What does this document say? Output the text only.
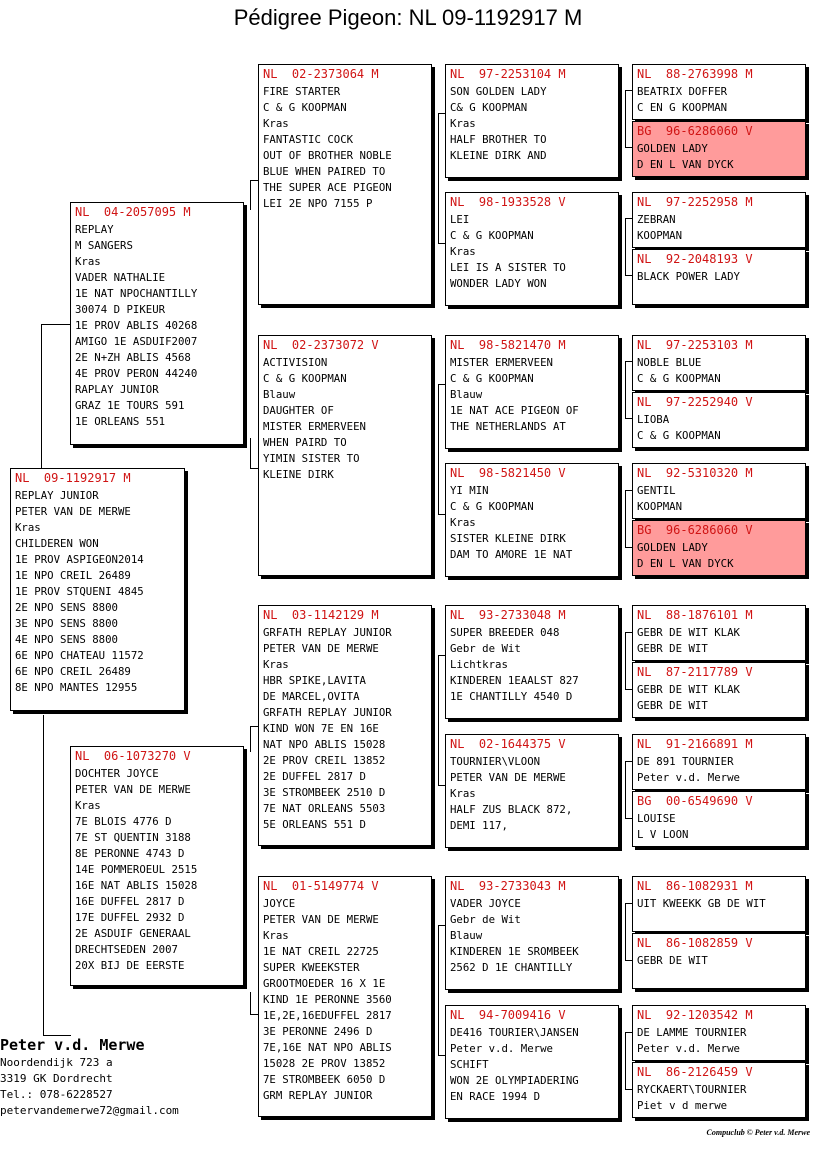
Pédigree Pigeon: NL 09-1192917 M
NL  09-1192917 M
REPLAY JUNIOR
PETER VAN DE MERWE
Kras
CHILDEREN WON
1E PROV ASPIGEON2014
1E NPO CREIL 26489
1E PROV STQUENI 4845
2E NPO SENS 8800
3E NPO SENS 8800
4E NPO SENS 8800
6E NPO CHATEAU 11572
6E NPO CREIL 26489
8E NPO MANTES 12955
NL  04-2057095 M
REPLAY
M SANGERS
Kras
VADER NATHALIE
1E NAT NPOCHANTILLY
30074 D PIKEUR
1E PROV ABLIS 40268
AMIGO 1E ASDUIF2007
2E N+ZH ABLIS 4568
4E PROV PERON 44240
RAPLAY JUNIOR
GRAZ 1E TOURS 591
1E ORLEANS 551
NL  06-1073270 V
DOCHTER JOYCE
PETER VAN DE MERWE
Kras
7E BLOIS 4776 D
7E ST QUENTIN 3188
8E PERONNE 4743 D
14E POMMEROEUL 2515
16E NAT ABLIS 15028
16E DUFFEL 2817 D
17E DUFFEL 2932 D
2E ASDUIF GENERAAL
DRECHTSEDEN 2007
20X BIJ DE EERSTE
NL  02-2373064 M
FIRE STARTER
C & G KOOPMAN
Kras
FANTASTIC COCK
OUT OF BROTHER NOBLE
BLUE WHEN PAIRED TO
THE SUPER ACE PIGEON
LEI 2E NPO 7155 P
NL  02-2373072 V
ACTIVISION
C & G KOOPMAN
Blauw
DAUGHTER OF
MISTER ERMERVEEN
WHEN PAIRD TO
YIMIN SISTER TO
KLEINE DIRK
NL  03-1142129 M
GRFATH REPLAY JUNIOR
PETER VAN DE MERWE
Kras
HBR SPIKE,LAVITA
DE MARCEL,OVITA
GRFATH REPLAY JUNIOR
KIND WON 7E EN 16E
NAT NPO ABLIS 15028
2E PROV CREIL 13852
2E DUFFEL 2817 D
3E STROMBEEK 2510 D
7E NAT ORLEANS 5503
5E ORLEANS 551 D
NL  01-5149774 V
JOYCE
PETER VAN DE MERWE
Kras
1E NAT CREIL 22725
SUPER KWEEKSTER
GROOTMOEDER 16 X 1E
KIND 1E PERONNE 3560
1E,2E,16EDUFFEL 2817
3E PERONNE 2496 D
7E,16E NAT NPO ABLIS
15028 2E PROV 13852
7E STROMBEEK 6050 D
GRM REPLAY JUNIOR
NL  97-2253104 M
SON GOLDEN LADY
C& G KOOPMAN
Kras
HALF BROTHER TO
KLEINE DIRK AND
NL  98-1933528 V
LEI
C & G KOOPMAN
Kras
LEI IS A SISTER TO
WONDER LADY WON
NL  98-5821470 M
MISTER ERMERVEEN
C & G KOOPMAN
Blauw
1E NAT ACE PIGEON OF
THE NETHERLANDS AT
NL  98-5821450 V
YI MIN
C & G KOOPMAN
Kras
SISTER KLEINE DIRK
DAM TO AMORE 1E NAT
NL  93-2733048 M
SUPER BREEDER 048
Gebr de Wit
Lichtkras
KINDEREN 1EAALST 827
1E CHANTILLY 4540 D
NL  02-1644375 V
TOURNIER\VLOON
PETER VAN DE MERWE
Kras
HALF ZUS BLACK 872,
DEMI 117,
NL  93-2733043 M
VADER JOYCE
Gebr de Wit
Blauw
KINDEREN 1E SROMBEEK
2562 D 1E CHANTILLY
NL  94-7009416 V
DE416 TOURIER\JANSEN
Peter v.d. Merwe
SCHIFT
WON 2E OLYMPIADERING
EN RACE 1994 D
NL  88-2763998 M
BEATRIX DOFFER
C EN G KOOPMAN
BG  96-6286060 V
GOLDEN LADY
D EN L VAN DYCK
NL  97-2252958 M
ZEBRAN
KOOPMAN
NL  92-2048193 V
BLACK POWER LADY
NL  97-2253103 M
NOBLE BLUE
C & G KOOPMAN
NL  97-2252940 V
LIOBA
C & G KOOPMAN
NL  92-5310320 M
GENTIL
KOOPMAN
BG  96-6286060 V
GOLDEN LADY
D EN L VAN DYCK
NL  88-1876101 M
GEBR DE WIT KLAK
GEBR DE WIT
NL  87-2117789 V
GEBR DE WIT KLAK
GEBR DE WIT
NL  91-2166891 M
DE 891 TOURNIER
Peter v.d. Merwe
BG  00-6549690 V
LOUISE
L V LOON
NL  86-1082931 M
UIT KWEEKK GB DE WIT
NL  86-1082859 V
GEBR DE WIT
NL  92-1203542 M
DE LAMME TOURNIER
Peter v.d. Merwe
NL  86-2126459 V
RYCKAERT\TOURNIER
Piet v d merwe
Peter v.d. Merwe
Noordendijk 723 a
3319 GK Dordrecht
Tel.: 078-6228527
petervandemerwe72@gmail.com
Compuclub © Peter v.d. Merwe
